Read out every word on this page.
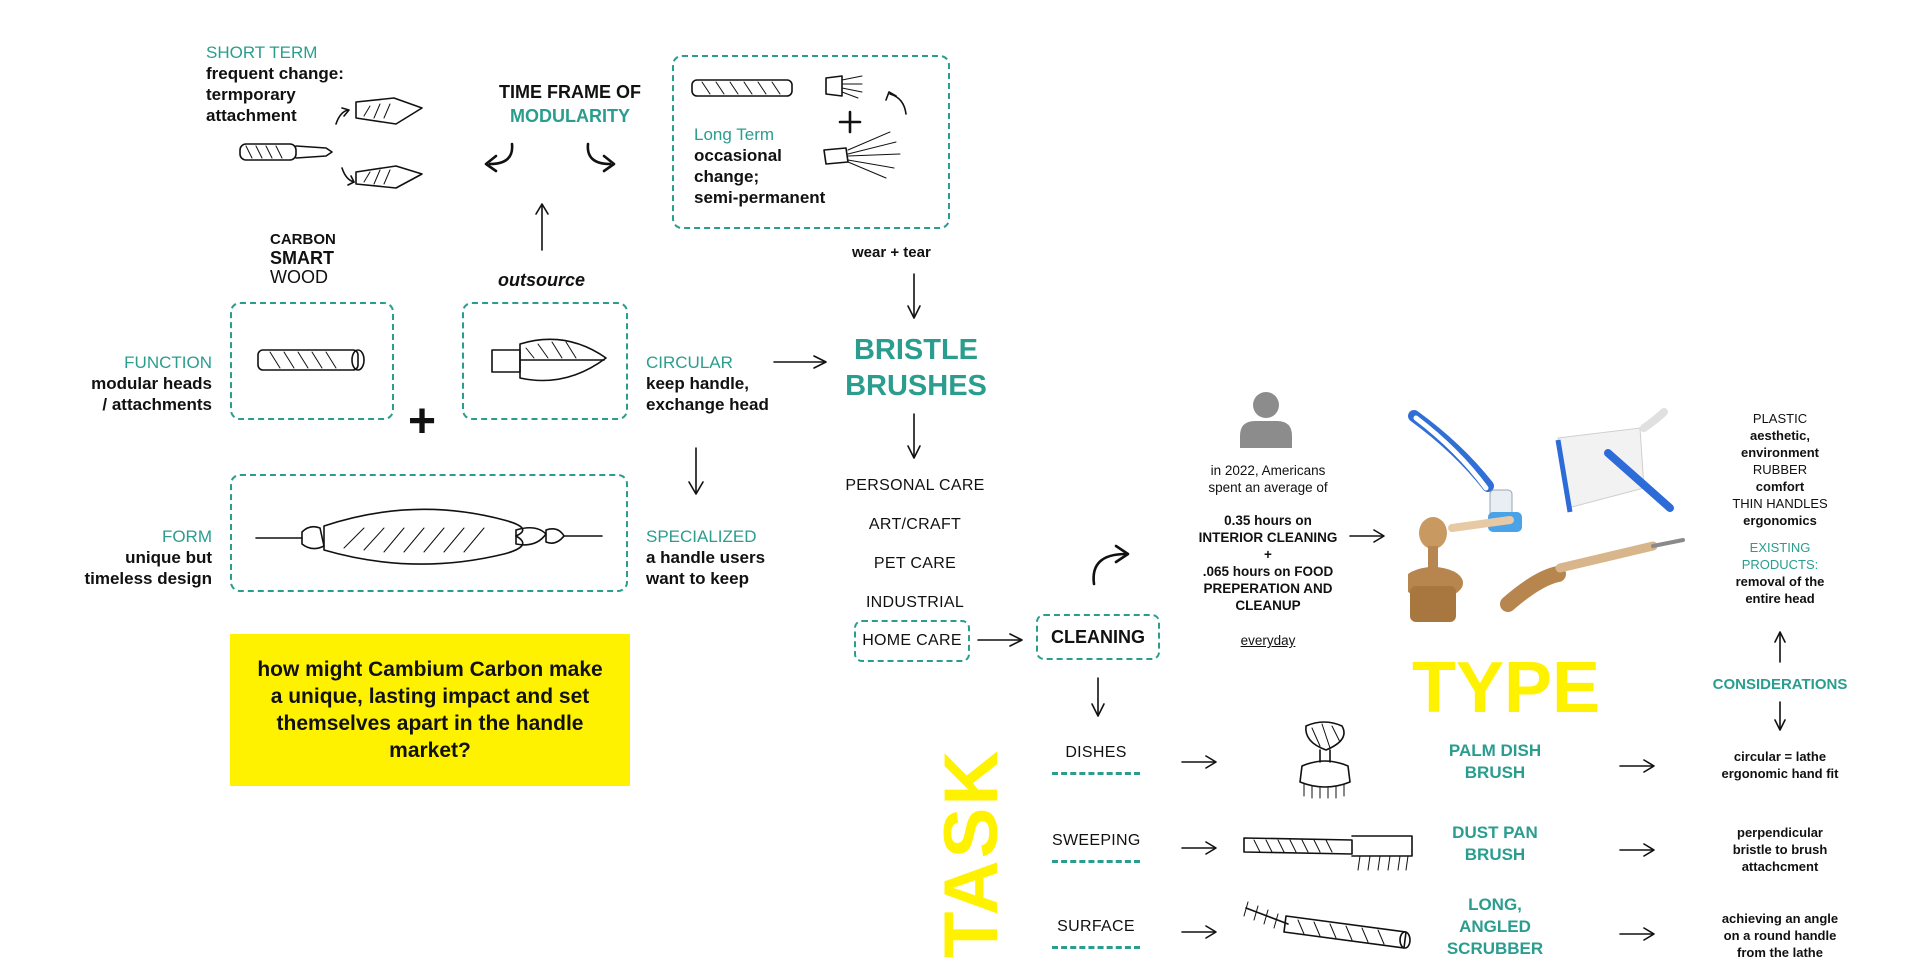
SHORT TERM
frequent change:
termporary
attachment
TIME FRAME OF
MODULARITY
Long Term
occasional
change;
semi-permanent
wear + tear
outsource
CARBON
SMART
WOOD
FUNCTION
modular heads
/ attachments
CIRCULAR
keep handle,
exchange head
+
FORM
unique but
timeless design
SPECIALIZED
a handle users
want to keep
how might Cambium Carbon make a unique, lasting impact and set themselves apart in the handle market?
BRISTLE
BRUSHES
PERSONAL CARE
ART/CRAFT
PET CARE
INDUSTRIAL
HOME CARE	CLEANING
in 2022, Americans
spent an average of
0.35 hours on
INTERIOR CLEANING
+
.065 hours on FOOD
PREPERATION AND
CLEANUP
everyday
PLASTIC
aesthetic,
environment
RUBBER
comfort
THIN HANDLES
ergonomics
EXISTING
PRODUCTS:
removal of the
entire head
CONSIDERATIONS
TASK
TYPE
DISHES
SWEEPING
SURFACE
PALM DISH
BRUSH
DUST PAN
BRUSH
LONG,
ANGLED
SCRUBBER
circular = lathe
ergonomic hand fit
perpendicular
bristle to brush
attachcment
achieving an angle
on a round handle
from the lathe
